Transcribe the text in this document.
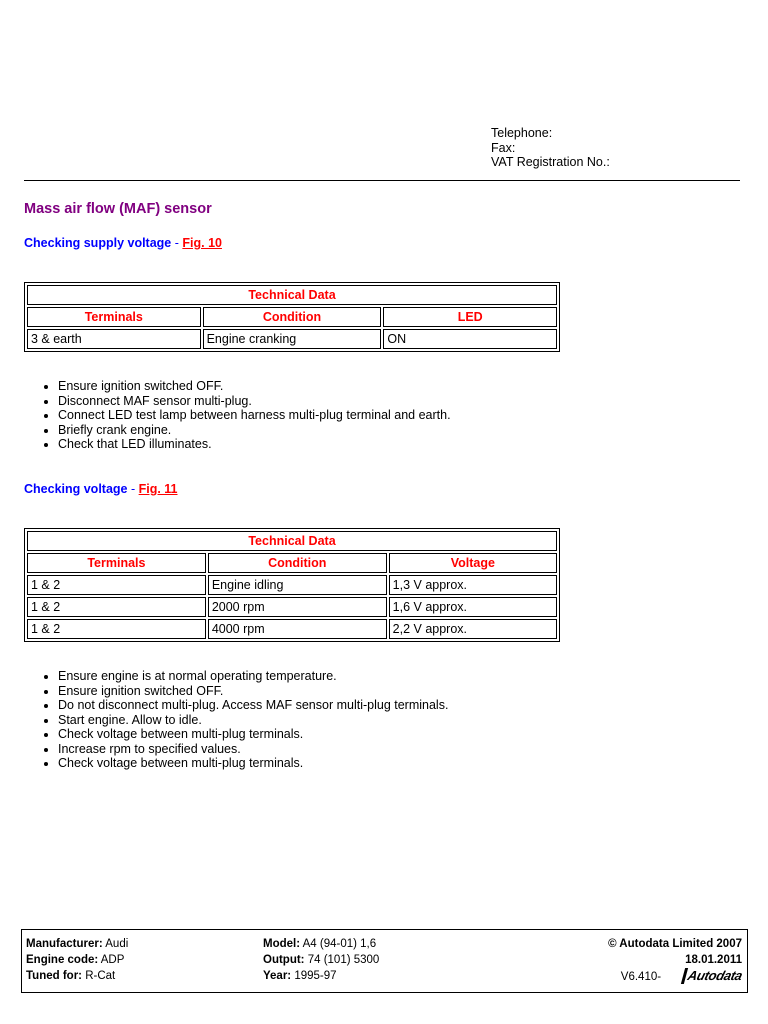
Telephone:
Fax:
VAT Registration No.:
Mass air flow (MAF) sensor
Checking supply voltage - Fig. 10
Technical Data		
Terminals	Condition	LED
3 & earth	Engine cranking	ON
• Ensure ignition switched OFF.
• Disconnect MAF sensor multi-plug.
• Connect LED test lamp between harness multi-plug terminal and earth.
• Briefly crank engine.
• Check that LED illuminates.
Checking voltage - Fig. 11
Technical Data		
Terminals	Condition	Voltage
1 & 2	Engine idling	1,3 V approx.
1 & 2	2000 rpm	1,6 V approx.
1 & 2	4000 rpm	2,2 V approx.
• Ensure engine is at normal operating temperature.
• Ensure ignition switched OFF.
• Do not disconnect multi-plug. Access MAF sensor multi-plug terminals.
• Start engine. Allow to idle.
• Check voltage between multi-plug terminals.
• Increase rpm to specified values.
• Check voltage between multi-plug terminals.
Manufacturer: Audi
Engine code: ADP
Tuned for: R-Cat
Model: A4 (94-01) 1,6
Output: 74 (101) 5300
Year: 1995-97
© Autodata Limited 2007
18.01.2011
V6.410- Autodata
